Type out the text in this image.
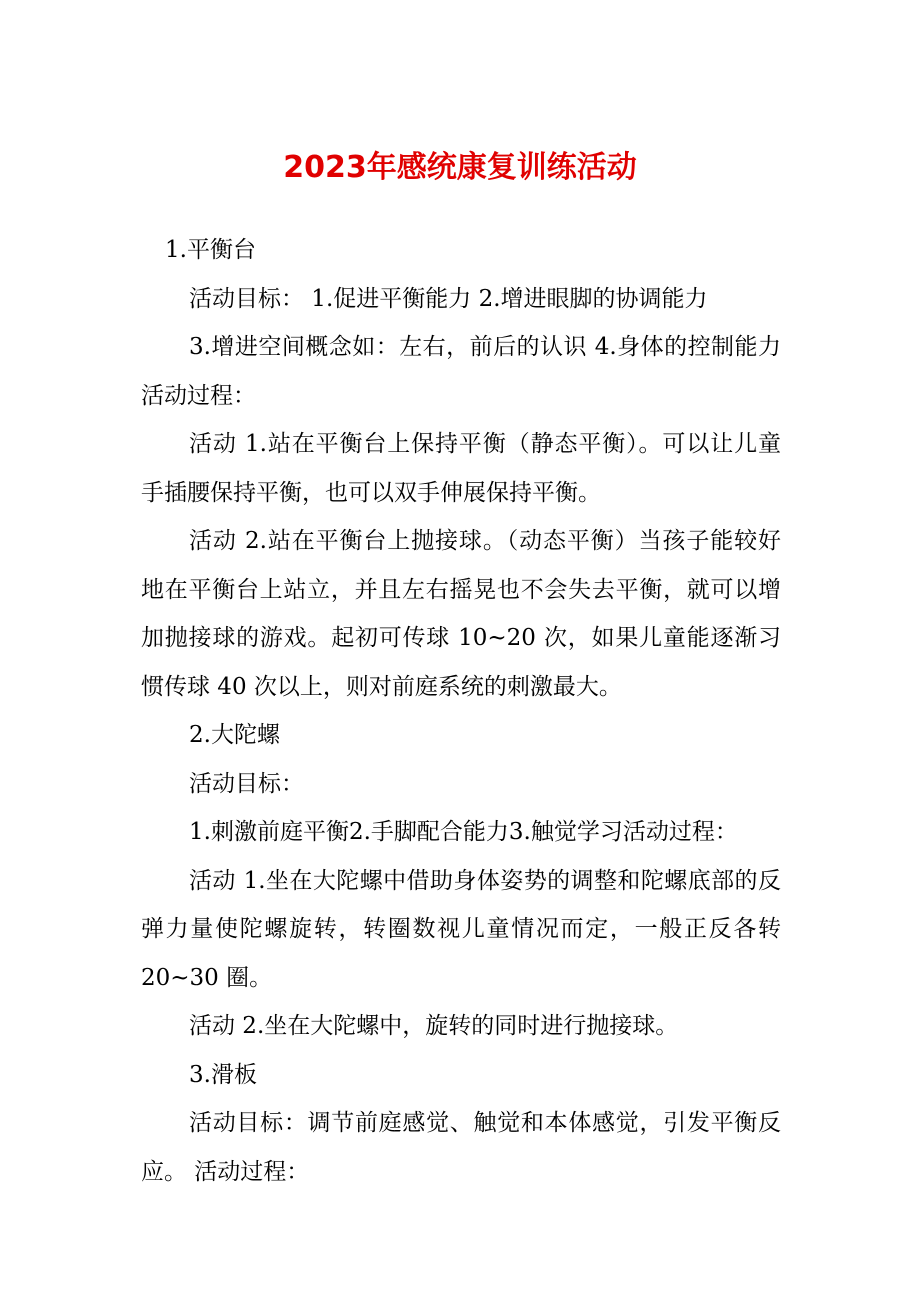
2023年感统康复训练活动

1.平衡台

活动目标： 1.促进平衡能力 2.增进眼脚的协调能力

3.增进空间概念如：左右，前后的认识 4.身体的控制能力 活动过程：

活动 1.站在平衡台上保持平衡（静态平衡）。可以让儿童手插腰保持平衡，也可以双手伸展保持平衡。

活动 2.站在平衡台上抛接球。（动态平衡）当孩子能较好地在平衡台上站立，并且左右摇晃也不会失去平衡，就可以增加抛接球的游戏。起初可传球 10~20 次，如果儿童能逐渐习惯传球 40 次以上，则对前庭系统的刺激最大。

2.大陀螺

活动目标：

1.刺激前庭平衡2.手脚配合能力3.触觉学习活动过程：

活动 1.坐在大陀螺中借助身体姿势的调整和陀螺底部的反弹力量使陀螺旋转，转圈数视儿童情况而定，一般正反各转 20~30 圈。

活动 2.坐在大陀螺中，旋转的同时进行抛接球。

3.滑板

活动目标：调节前庭感觉、触觉和本体感觉，引发平衡反应。 活动过程：
